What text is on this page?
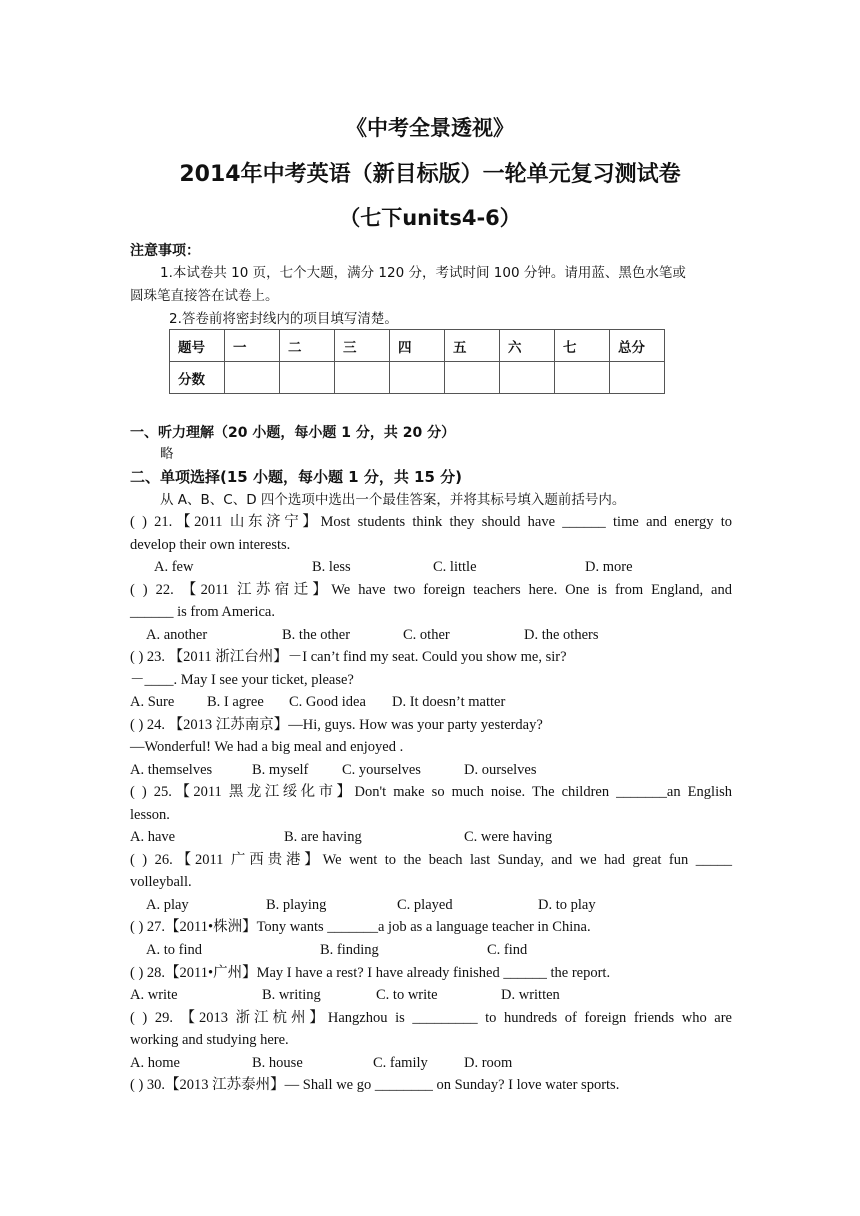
《中考全景透视》
2014年中考英语（新目标版）一轮单元复习测试卷
（七下units4-6）
注意事项：
1.本试卷共 10 页，七个大题，满分 120 分，考试时间 100 分钟。请用蓝、黑色水笔或
圆珠笔直接答在试卷上。
2.答卷前将密封线内的项目填写清楚。
题号	一	二	三	四	五	六	七	总分
分数								
一、听力理解（20 小题，每小题 1 分，共 20 分）
略
二、单项选择(15 小题，每小题 1 分，共 15 分)
从 A、B、C、D 四个选项中选出一个最佳答案，并将其标号填入题前括号内。
( ) 21.【2011 山东济宁】Most students think they should have ______ time and energy to
develop their own interests.
A. few	B. less	C. little	D. more
( ) 22. 【2011 江苏宿迁】We have two foreign teachers here. One is from England, and
______ is from America.
A. another	B. the other	C. other	D. the others
( ) 23. 【2011 浙江台州】－I can’t find my seat. Could you show me, sir?
－____. May I see your ticket, please?
A. Sure B. I agree C. Good idea D. It doesn’t matter
( ) 24. 【2013 江苏南京】—Hi, guys. How was your party yesterday?
—Wonderful! We had a big meal and enjoyed .
A. themselves	B. myself C. yourselves	D. ourselves
( ) 25.【2011 黑龙江绥化市】Don't make so much noise. The children _______an English
lesson.
A. have	B. are having	C. were having
( ) 26.【2011 广西贵港】We went to the beach last Sunday, and we had great fun _____
volleyball.
A. play	B. playing	C. played	D. to play
( ) 27.【2011•株洲】Tony wants _______a job as a language teacher in China.
A. to find	B. finding	C. find
( ) 28.【2011•广州】May I have a rest? I have already finished ______ the report.
A. write	B. writing	C. to write	D. written
( ) 29. 【2013 浙江杭州】Hangzhou is _________ to hundreds of foreign friends who are
working and studying here.
A. home	B. house	C. family D. room
( ) 30.【2013 江苏泰州】— Shall we go ________ on Sunday? I love water sports.
